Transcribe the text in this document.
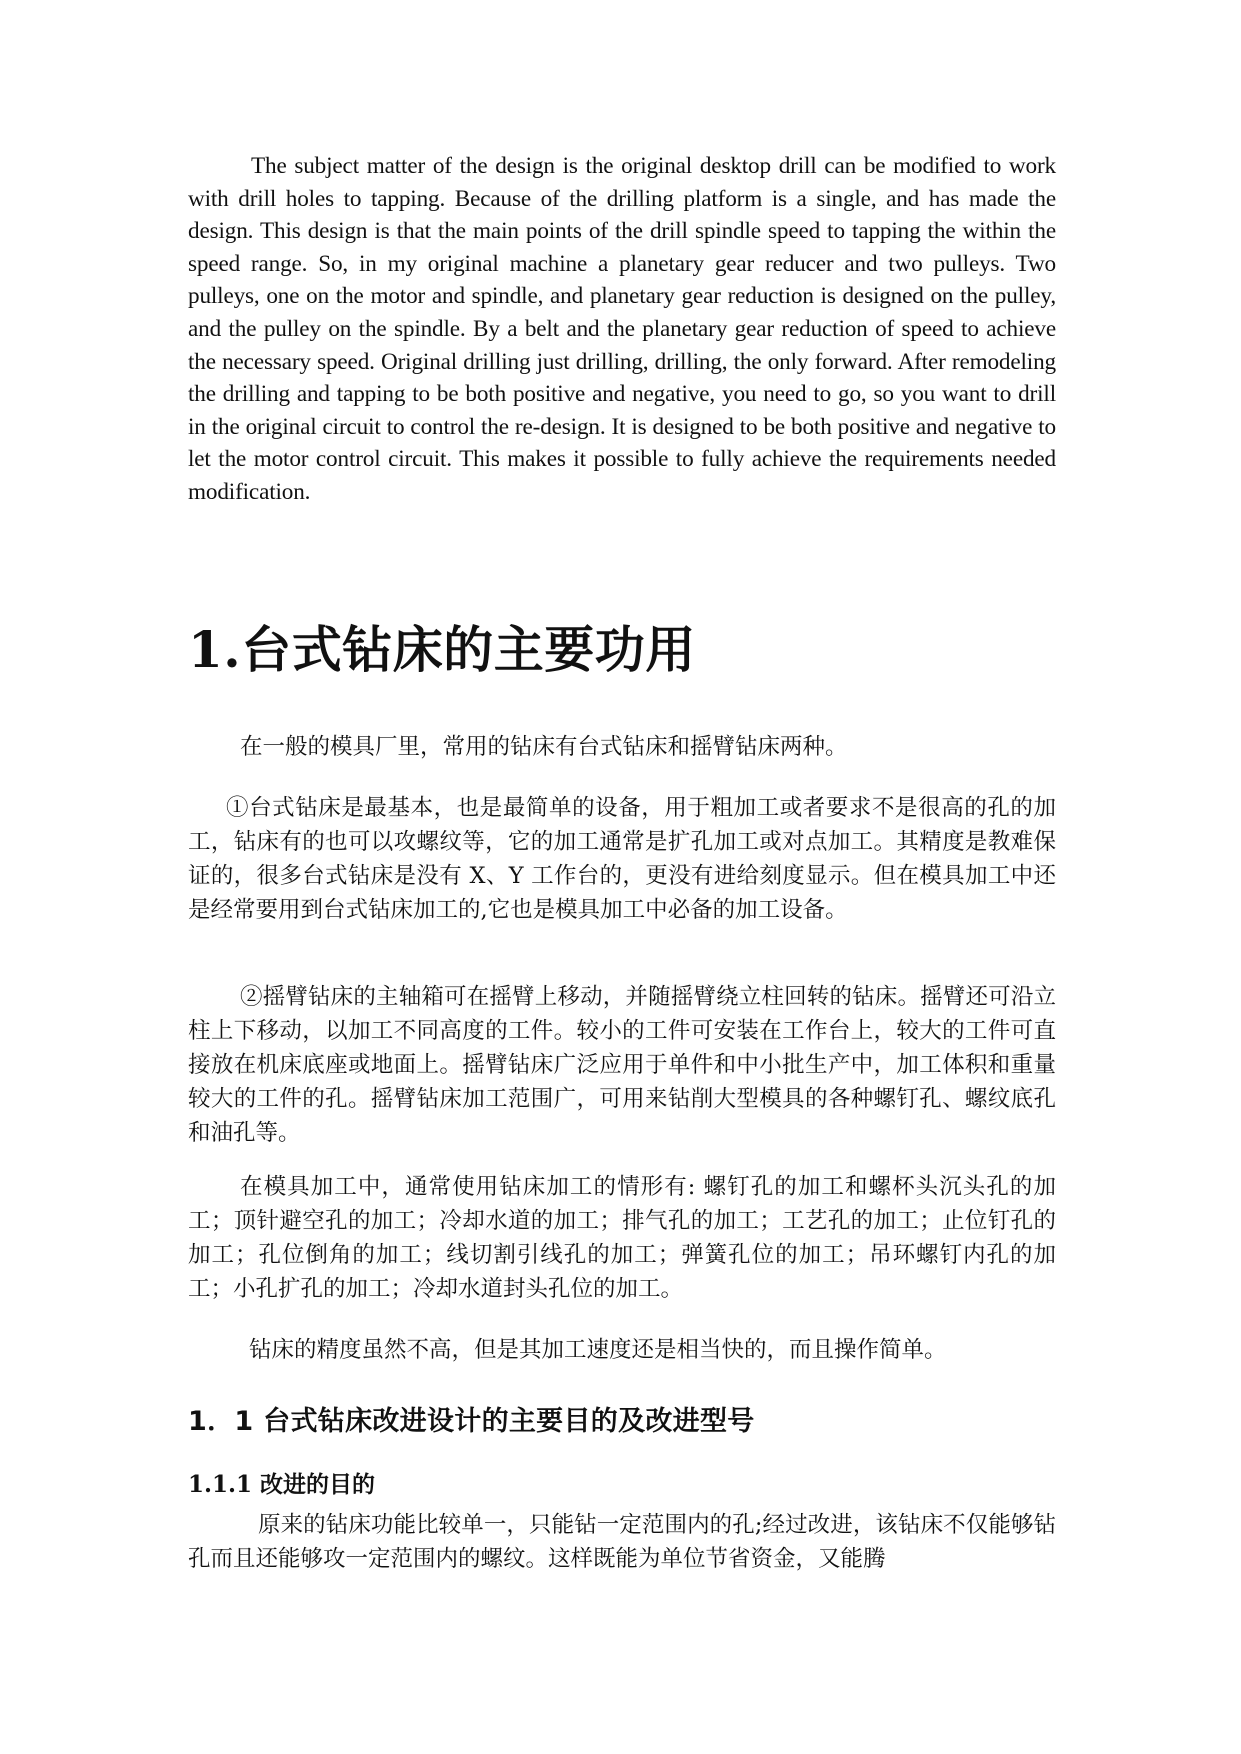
The subject matter of the design is the original desktop drill can be modified to work with drill holes to tapping. Because of the drilling platform is a single, and has made the design. This design is that the main points of the drill spindle speed to tapping the within the speed range. So, in my original machine a planetary gear reducer and two pulleys. Two pulleys, one on the motor and spindle, and planetary gear reduction is designed on the pulley, and the pulley on the spindle. By a belt and the planetary gear reduction of speed to achieve the necessary speed. Original drilling just drilling, drilling, the only forward. After remodeling the drilling and tapping to be both positive and negative, you need to go, so you want to drill in the original circuit to control the re-design. It is designed to be both positive and negative to let the motor control circuit. This makes it possible to fully achieve the requirements needed modification.

1.台式钻床的主要功用

在一般的模具厂里，常用的钻床有台式钻床和摇臂钻床两种。

①台式钻床是最基本，也是最简单的设备，用于粗加工或者要求不是很高的孔的加工，钻床有的也可以攻螺纹等，它的加工通常是扩孔加工或对点加工。其精度是教难保证的，很多台式钻床是没有 X、Y 工作台的，更没有进给刻度显示。但在模具加工中还是经常要用到台式钻床加工的,它也是模具加工中必备的加工设备。

②摇臂钻床的主轴箱可在摇臂上移动，并随摇臂绕立柱回转的钻床。摇臂还可沿立柱上下移动，以加工不同高度的工件。较小的工件可安装在工作台上，较大的工件可直接放在机床底座或地面上。摇臂钻床广泛应用于单件和中小批生产中，加工体积和重量较大的工件的孔。摇臂钻床加工范围广，可用来钻削大型模具的各种螺钉孔、螺纹底孔和油孔等。

在模具加工中，通常使用钻床加工的情形有: 螺钉孔的加工和螺杯头沉头孔的加工；顶针避空孔的加工；冷却水道的加工；排气孔的加工；工艺孔的加工；止位钉孔的加工；孔位倒角的加工；线切割引线孔的加工；弹簧孔位的加工；吊环螺钉内孔的加工；小孔扩孔的加工；冷却水道封头孔位的加工。

钻床的精度虽然不高，但是其加工速度还是相当快的，而且操作简单。

1．1 台式钻床改进设计的主要目的及改进型号
1.1.1 改进的目的

原来的钻床功能比较单一，只能钻一定范围内的孔;经过改进，该钻床不仅能够钻孔而且还能够攻一定范围内的螺纹。这样既能为单位节省资金，又能腾
